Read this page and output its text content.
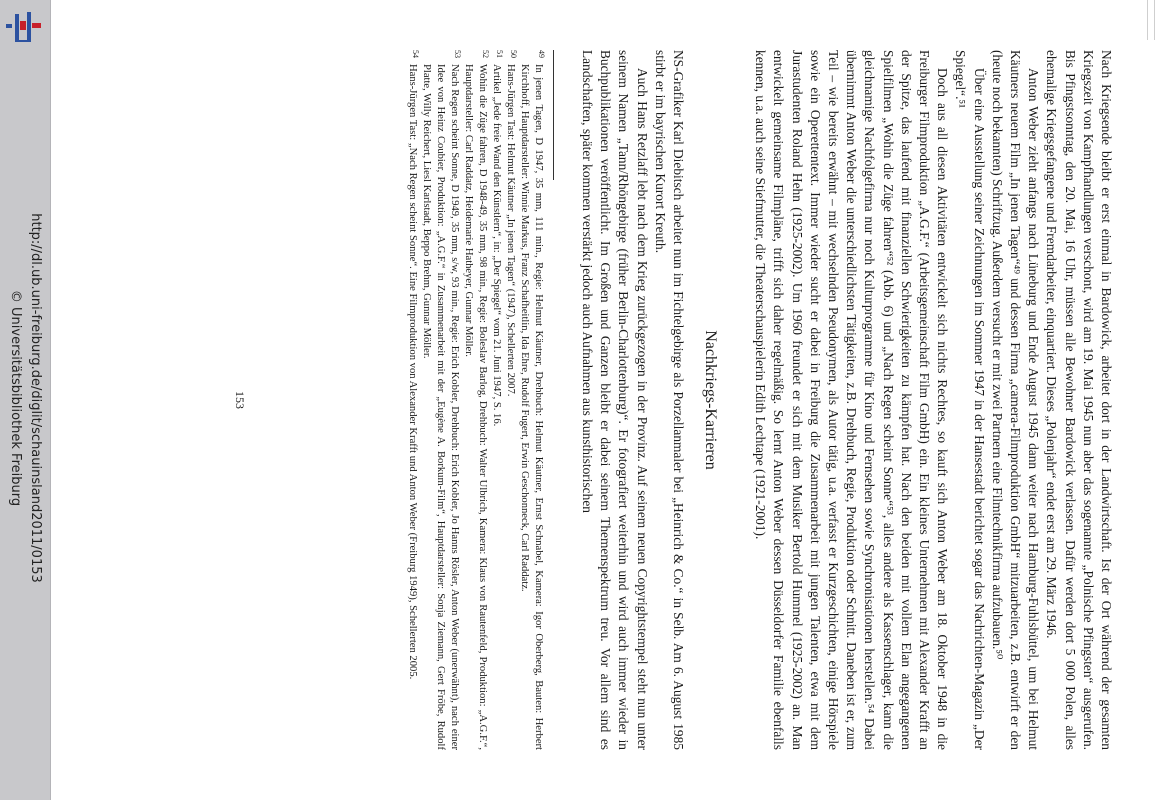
http://dl.ub.uni-freiburg.de/diglit/schauinsland2011/0153
© Universitätsbibliothek Freiburg	Nach Kriegsende bleibt er erst einmal in Bardowick, arbeitet dort in der Landwirtschaft. Ist der Ort während der gesamten Kriegszeit von Kampfhandlungen verschont, wird am 19. Mai 1945 nun aber das sogenannte „Polnische Pfingsten“ ausgerufen. Bis Pfingstsonntag, den 20. Mai, 16 Uhr, müssen alle Bewohner Bardowick verlassen. Dafür werden dort 5 000 Polen, alles ehemalige Kriegsgefangene und Fremdarbeiter, einquartiert. Dieses „Polenjahr“ endet erst am 29. März 1946.

Anton Weber zieht anfangs nach Lüneburg und Ende August 1945 dann weiter nach Hamburg-Fuhlsbüttel, um bei Helmut Käutners neuem Film „In jenen Tagen“⁴⁹ und dessen Firma „camera-Filmproduktion GmbH“ mitzuarbeiten, z.B. entwirft er den (heute noch bekannten) Schriftzug. Außerdem versucht er mit zwei Partnern eine Filmtechnikfirma aufzubauen.⁵⁰

Über eine Ausstellung seiner Zeichnungen im Sommer 1947 in der Hansestadt berichtet sogar das Nachrichten-Magazin „Der Spiegel“.⁵¹

Doch aus all diesen Aktivitäten entwickelt sich nichts Rechtes, so kauft sich Anton Weber am 18. Oktober 1948 in die Freiburger Filmproduktion „A.G.F.“ (Arbeitsgemeinschaft Film GmbH) ein. Ein kleines Unternehmen mit Alexander Krafft an der Spitze, das laufend mit finanziellen Schwierigkeiten zu kämpfen hat. Nach den beiden mit vollem Elan angegangenen Spielfilmen „Wohin die Züge fahren“⁵² (Abb. 6) und „Nach Regen scheint Sonne“⁵³, alles andere als Kassenschlager, kann die gleichnamige Nachfolgefirma nur noch Kulturprogramme für Kino und Fernsehen sowie Synchronisationen herstellen.⁵⁴ Dabei übernimmt Anton Weber die unterschiedlichsten Tätigkeiten, z.B. Drehbuch, Regie, Produktion oder Schnitt. Daneben ist er, zum Teil – wie bereits erwähnt – mit wechselnden Pseudonymen, als Autor tätig, u.a. verfasst er Kurzgeschichten, einige Hörspiele sowie ein Operettentext. Immer wieder sucht er dabei in Freiburg die Zusammenarbeit mit jungen Talenten, etwa mit dem Jurastudenten Roland Hehn (1925-2002). Um 1960 freundet er sich mit dem Musiker Bertold Hummel (1925-2002) an. Man entwickelt gemeinsame Filmpläne, trifft sich daher regelmäßig. So lernt Anton Weber dessen Düsseldorfer Familie ebenfalls kennen, u.a. auch seine Stiefmutter, die Theaterschauspielerin Edith Lechtape (1921-2001).

Nachkriegs-Karrieren

NS-Grafiker Karl Diebitsch arbeitet nun im Fichtelgebirge als Porzellanmaler bei „Heinrich & Co.“ in Selb. Am 6. August 1985 stirbt er im bayrischen Kurort Kreuth.

Auch Hans Retzlaff lebt nach dem Krieg zurückgezogen in der Provinz. Auf seinem neuen Copyrightstempel steht nun unter seinem Namen „Tann/Rhöngebirge (früher Berlin-Charlottenburg)“. Er fotografiert weiterhin und wird auch immer wieder in Buchpublikationen veröffentlicht. Im Großen und Ganzen bleibt er dabei seinem Themenspektrum treu. Vor allem sind es Landschaften, später kommen verstärkt jedoch auch Aufnahmen aus kunsthistorischen

49
In jenen Tagen, D 1947, 35 mm, 111 min., Regie: Helmut Käutner, Drehbuch: Helmut Käutner, Ernst Schnabel, Kamera: Igor Oberberg, Bauten: Herbert Kirchhoff, Hauptdarsteller: Winnie Markus, Franz Schafheitlin, Ida Ehre, Rudolf Fugert, Erwin Geschonneck, Carl Raddatz.
50
Hans-Jürgen Tast: Helmut Käutner „In jenen Tagen“ (1947), Schellerten 2007.
51
Artikel „Jede freie Wand den Künstlern“, in: „Der Spiegel“ vom 21. Juni 1947, S. 16.
52
Wohin die Züge fahren, D 1948-49, 35 mm, 98 min., Regie: Boleslav Barlog, Drehbuch: Walter Ulbrich, Kamera: Klaus von Rautenfeld, Produktion: „A.G.F.“, Hauptdarsteller: Carl Raddatz, Heidemarie Hatheyer, Gunnar Möller.
53
Nach Regen scheint Sonne, D 1949, 35 mm, s/w, 93 min., Regie: Erich Kobler, Drehbuch: Erich Kobler, Jo Hanns Rösler, Anton Weber (unerwähnt), nach einer Idee von Heinz Coubier, Produktion: „A.G.F.“ in Zusammenarbeit mit der „Eugène A. Borkum-Film“, Hauptdarsteller: Sonja Ziemann, Gert Fröbe, Rudolf Platte, Willy Reichert, Liesl Karlstadt, Beppo Brehm, Gunnar Möller.
54
Hans-Jürgen Tast: „Nach Regen scheint Sonne“. Eine Filmproduktion von Alexander Krafft und Anton Weber (Freiburg 1949), Schellerten 2005.
153
